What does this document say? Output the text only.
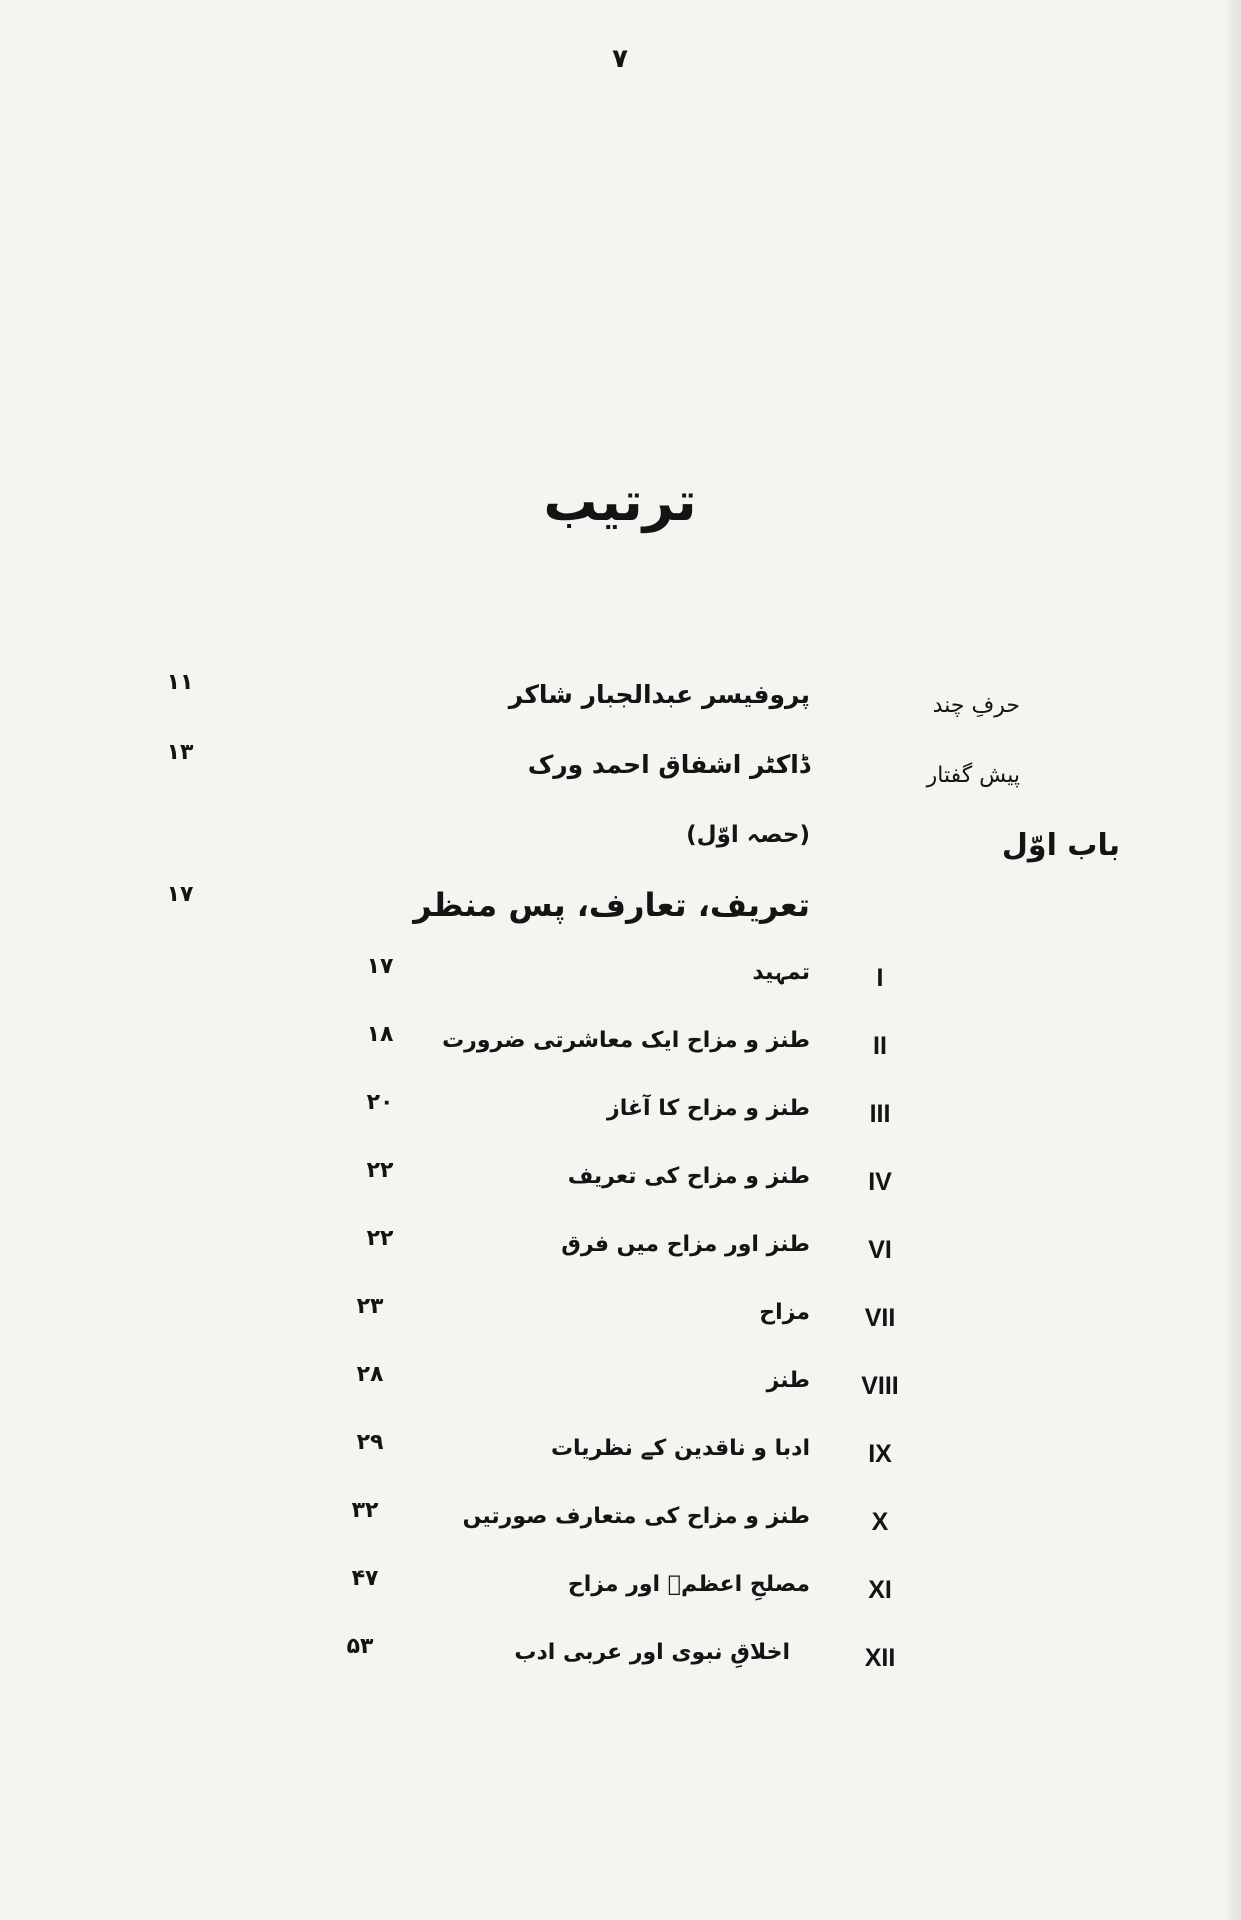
۷
ترتیب
حرفِ چند
پروفیسر عبدالجبار شاکر
۱۱
پیش گفتار
ڈاکٹر اشفاق احمد ورک
۱۳
باب اوّل
(حصہ اوّل)
تعریف، تعارف، پس منظر
۱۷
I
تمہید
۱۷
II
طنز و مزاح ایک معاشرتی ضرورت
۱۸
III
طنز و مزاح کا آغاز
۲۰
IV
طنز و مزاح کی تعریف
۲۲
VI
طنز اور مزاح میں فرق
۲۲
VII
مزاح
۲۳
VIII
طنز
۲۸
IX
ادبا و ناقدین کے نظریات
۲۹
X
طنز و مزاح کی متعارف صورتیں
۳۲
XI
مصلحِ اعظمؐ اور مزاح
۴۷
XII
اخلاقِ نبوی اور عربی ادب
۵۳
